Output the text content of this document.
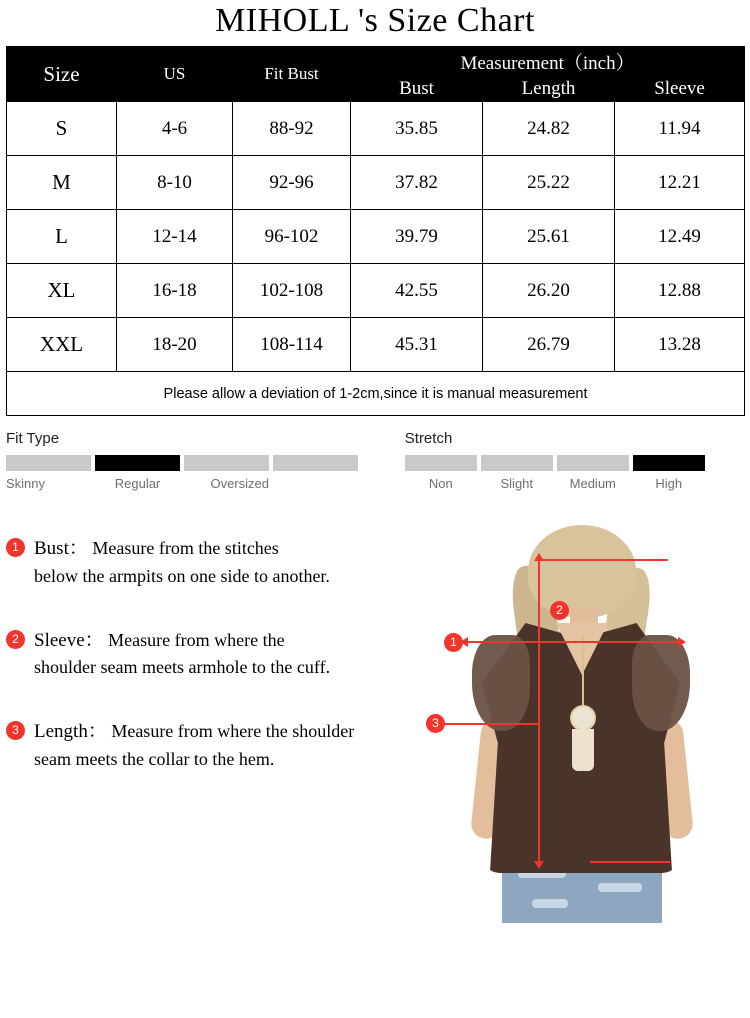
MIHOLL 's Size Chart
Size	US	Fit Bust	Measurement（inch）		
			Bust	Length	Sleeve
S	4-6	88-92	35.85	24.82	11.94
M	8-10	92-96	37.82	25.22	12.21
L	12-14	96-102	39.79	25.61	12.49
XL	16-18	102-108	42.55	26.20	12.88
XXL	18-20	108-114	45.31	26.79	13.28
Please allow a deviation of 1-2cm,since it is manual measurement					
Fit Type
Skinny	Regular	Oversized
Stretch
Non	Slight	Medium	High
1 Bust： Measure from the stitches
below the armpits on one side to another.
2 Sleeve： Measure from where the
shoulder seam meets armhole to the cuff.
3 Length： Measure from where the shoulder
seam meets the collar to the hem.
1
2
3
